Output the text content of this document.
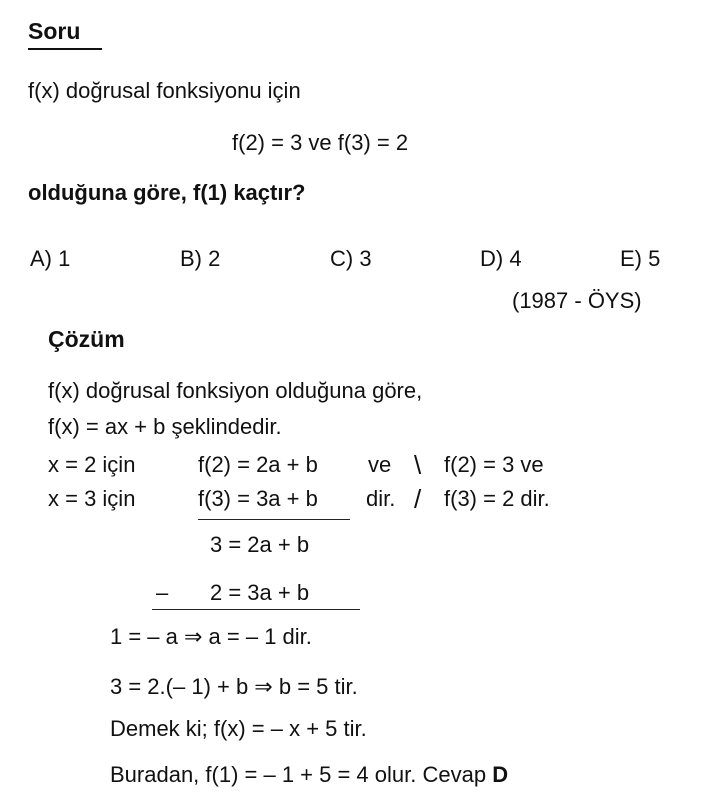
Soru
f(x) doğrusal fonksiyonu için
f(2) = 3 ve f(3) = 2
olduğuna göre, f(1) kaçtır?
A) 1	B) 2	C) 3	D) 4	E) 5
(1987 - ÖYS)
Çözüm
f(x) doğrusal fonksiyon olduğuna göre,
f(x) = ax + b şeklindedir.
x = 2 için	f(2) = 2a + b ve \ f(2) = 3 ve
x = 3 için	f(3) = 3a + b dir. / f(3) = 2 dir.
3 = 2a + b
– 2 = 3a + b
1 = – a ⇒ a = – 1 dir.
3 = 2.(– 1) + b ⇒ b = 5 tir.
Demek ki; f(x) = – x + 5 tir.
Buradan, f(1) = – 1 + 5 = 4 olur. Cevap D
